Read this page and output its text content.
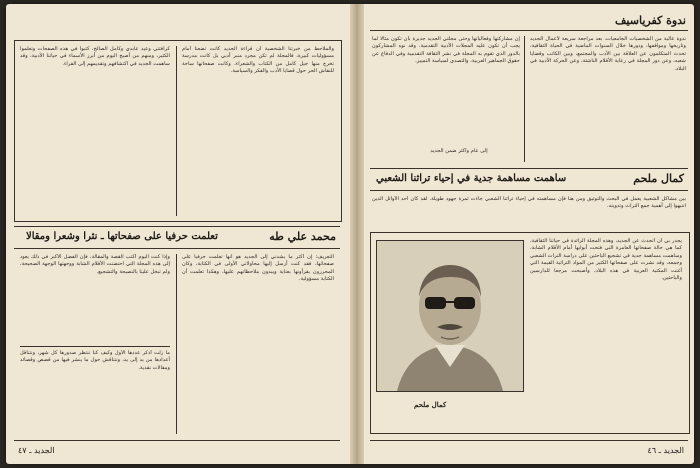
والملاحظ من خبرتنا الشخصية أن قراءة الجديد كانت تضعنا أمام مسؤوليات كبيرة، فالمجلة لم تكن مجرد منبر أدبي بل كانت مدرسة تخرج منها جيل كامل من الكتاب والشعراء، وكانت صفحاتها ساحة للنقاش الحر حول قضايا الأدب والفكر والسياسة.
كرافتتي وعيد عابدي وكامل الصالح، كتبوا في هذه الصفحات وتعلموا الكثير، ومنهم من أصبح اليوم من أبرز الأسماء في حياتنا الأدبية، وقد ساهمت الجديد في اكتشافهم وتقديمهم إلى القراء.
محمد علي طه
تعلمت حرفيا على صفحاتها ـ نثرا وشعرا ومقالا
التعريف: إن أكثر ما يشدني إلى الجديد هو أنها تعلمت حرفيا على صفحاتها، فقد كنت أرسل إليها محاولاتي الأولى في الكتابة، وكان المحررون يقرأونها بعناية ويبدون ملاحظاتهم عليها، وهكذا تعلمت أن الكتابة مسؤولية.
وإذا كنت اليوم أكتب القصة والمقالة، فإن الفضل الأكبر في ذلك يعود إلى هذه المجلة التي احتضنت الأقلام الشابة ووجهتها الوجهة الصحيحة، ولم تبخل علينا بالنصيحة والتشجيع.
ما زلت أذكر عددها الأول وكيف كنا ننتظر صدورها كل شهر، ونتناقل أعدادها من يد إلى يد، ونتناقش حول ما ينشر فيها من قصص وقصائد ومقالات نقدية.
الجديد ـ ٤٧
ندوة كفرياسيف
ندوة عالية من الشخصيات الجامعيات. بعد مراجعة سريعة لأعمال الجديد وتاريخها ومواقفها، ودورها خلال السنوات الماضية في الحياة الثقافية، تحدث المتكلمون عن العلاقة بين الأدب والمجتمع، وبين الكاتب وقضايا شعبه، وعن دور المجلة في رعاية الأقلام الناشئة، وعن الحركة الأدبية في البلاد.
إن مشاركتها وفعالياتها وحتى مجلتي الجديد جديرة بأن تكون مثالا لما يجب أن تكون عليه المجلات الأدبية التقدمية. وقد نوه المشاركون بالدور الذي تقوم به المجلة في نشر الثقافة التقدمية وفي الدفاع عن حقوق الجماهير العربية، والتصدي لسياسة التمييز.
إلى عام وأكثر ضمن الجديد
كمال ملحم
ساهمت مساهمة جدية في إحياء تراثنا الشعبي
بين مشاكل الشعبية يعمل في البحث والتوثيق ومن هنا فإن مساهمته في إحياء تراثنا الشعبي جاءت ثمرة جهود طويلة. لقد كان أحد الأوائل الذين انتبهوا إلى أهمية جمع التراث وتدوينه.
يجدر بي أن أتحدث عن الجديد، وهذه المجلة الرائدة في حياتنا الثقافية، كما هي حالة صفحاتها العامرة التي فتحت أبوابها أمام الأقلام الشابة، وساهمت مساهمة جدية في تشجيع الباحثين على دراسة التراث الشعبي وجمعه، وقد نشرت على صفحاتها الكثير من المواد التراثية القيمة التي أغنت المكتبة العربية في هذه البلاد، وأصبحت مرجعا للدارسين والباحثين.
كمال ملحم
الجديد ـ ٤٦
